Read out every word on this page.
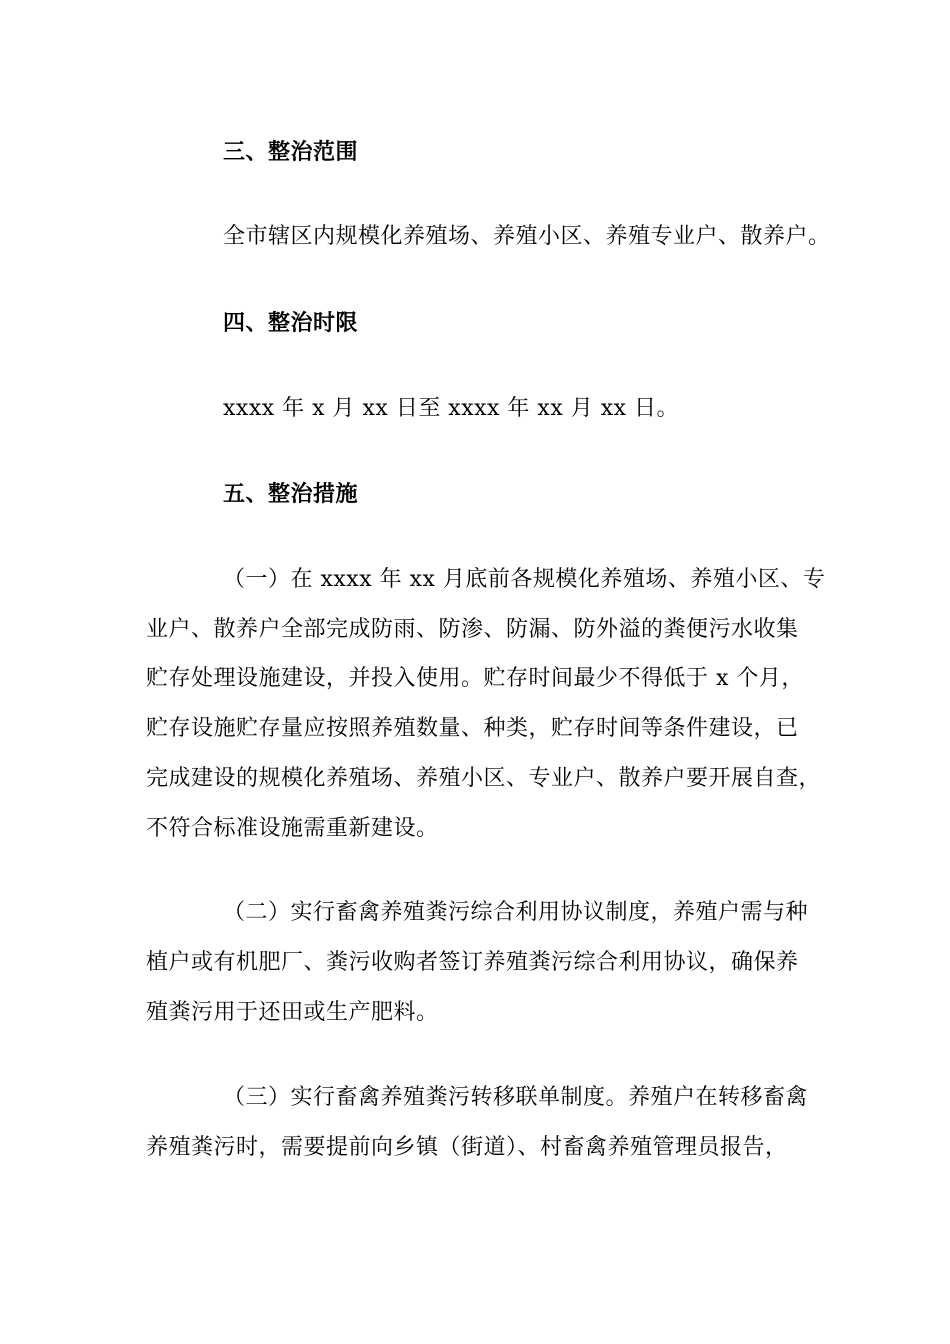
三、整治范围
全市辖区内规模化养殖场、养殖小区、养殖专业户、散养户。
四、整治时限
xxxx 年 x 月 xx 日至 xxxx 年 xx 月 xx 日。
五、整治措施
（一）在 xxxx 年 xx 月底前各规模化养殖场、养殖小区、专
业户、散养户全部完成防雨、防渗、防漏、防外溢的粪便污水收集
贮存处理设施建设，并投入使用。贮存时间最少不得低于 x 个月，
贮存设施贮存量应按照养殖数量、种类，贮存时间等条件建设，已
完成建设的规模化养殖场、养殖小区、专业户、散养户要开展自查，
不符合标准设施需重新建设。
（二）实行畜禽养殖粪污综合利用协议制度，养殖户需与种
植户或有机肥厂、粪污收购者签订养殖粪污综合利用协议，确保养
殖粪污用于还田或生产肥料。
（三）实行畜禽养殖粪污转移联单制度。养殖户在转移畜禽
养殖粪污时，需要提前向乡镇（街道）、村畜禽养殖管理员报告，
